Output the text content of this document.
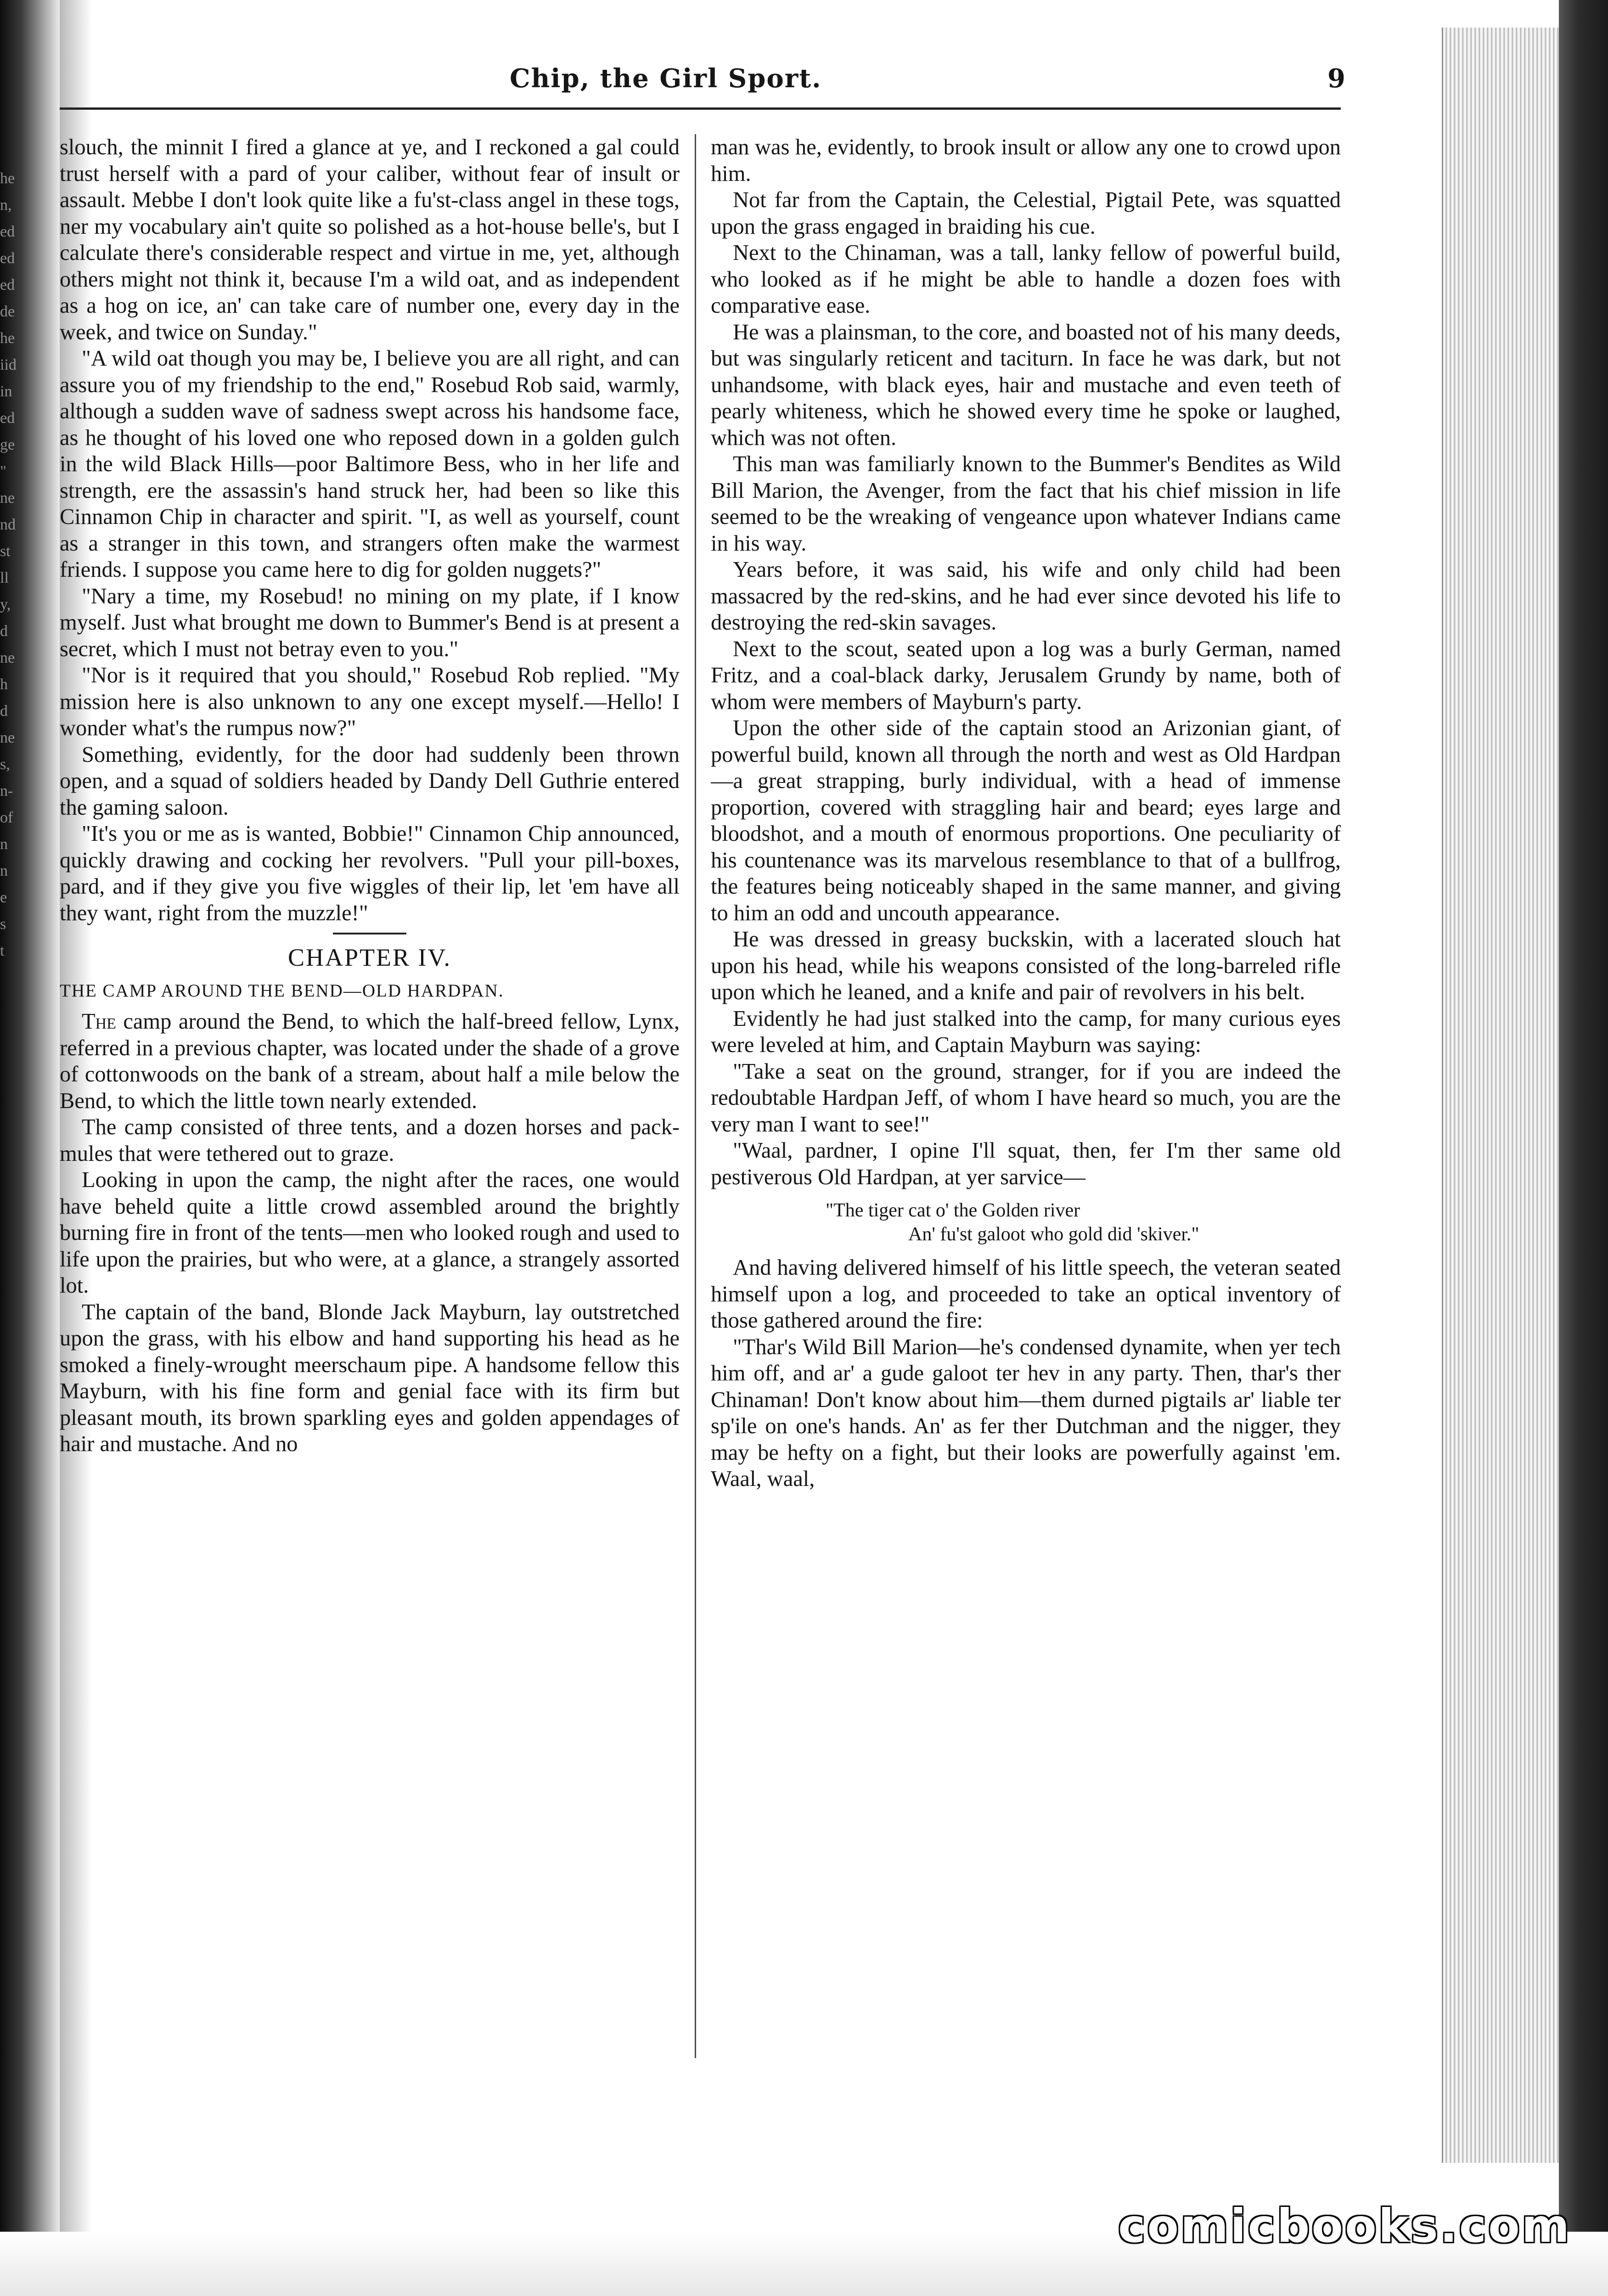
he
n,
ed
ed
ed
de
he
iid
in
ed
ge
"
ne
nd
st
ll
y,
d
ne
h
d
ne
s,
n-
of
n
n
e
s
t
Chip, the Girl Sport.	9

slouch, the minnit I fired a glance at ye, and I reckoned a gal could trust herself with a pard of your caliber, without fear of insult or assault. Mebbe I don't look quite like a fu'st-class angel in these togs, ner my vocabulary ain't quite so polished as a hot-house belle's, but I calculate there's considerable respect and virtue in me, yet, although others might not think it, because I'm a wild oat, and as independent as a hog on ice, an' can take care of number one, every day in the week, and twice on Sunday."

"A wild oat though you may be, I believe you are all right, and can assure you of my friendship to the end," Rosebud Rob said, warmly, although a sudden wave of sadness swept across his handsome face, as he thought of his loved one who reposed down in a golden gulch in the wild Black Hills—poor Baltimore Bess, who in her life and strength, ere the assassin's hand struck her, had been so like this Cinnamon Chip in character and spirit. "I, as well as yourself, count as a stranger in this town, and strangers often make the warmest friends. I suppose you came here to dig for golden nuggets?"

"Nary a time, my Rosebud! no mining on my plate, if I know myself. Just what brought me down to Bummer's Bend is at present a secret, which I must not betray even to you."

"Nor is it required that you should," Rosebud Rob replied. "My mission here is also unknown to any one except myself.—Hello! I wonder what's the rumpus now?"

Something, evidently, for the door had suddenly been thrown open, and a squad of soldiers headed by Dandy Dell Guthrie entered the gaming saloon.

"It's you or me as is wanted, Bobbie!" Cinnamon Chip announced, quickly drawing and cocking her revolvers. "Pull your pill-boxes, pard, and if they give you five wiggles of their lip, let 'em have all they want, right from the muzzle!"

CHAPTER IV.
THE CAMP AROUND THE BEND—OLD HARDPAN.

The camp around the Bend, to which the half-breed fellow, Lynx, referred in a previous chapter, was located under the shade of a grove of cottonwoods on the bank of a stream, about half a mile below the Bend, to which the little town nearly extended.

The camp consisted of three tents, and a dozen horses and pack-mules that were tethered out to graze.

Looking in upon the camp, the night after the races, one would have beheld quite a little crowd assembled around the brightly burning fire in front of the tents—men who looked rough and used to life upon the prairies, but who were, at a glance, a strangely assorted lot.

The captain of the band, Blonde Jack Mayburn, lay outstretched upon the grass, with his elbow and hand supporting his head as he smoked a finely-wrought meerschaum pipe. A handsome fellow this Mayburn, with his fine form and genial face with its firm but pleasant mouth, its brown sparkling eyes and golden appendages of hair and mustache. And no

man was he, evidently, to brook insult or allow any one to crowd upon him.

Not far from the Captain, the Celestial, Pigtail Pete, was squatted upon the grass engaged in braiding his cue.

Next to the Chinaman, was a tall, lanky fellow of powerful build, who looked as if he might be able to handle a dozen foes with comparative ease.

He was a plainsman, to the core, and boasted not of his many deeds, but was singularly reticent and taciturn. In face he was dark, but not unhandsome, with black eyes, hair and mustache and even teeth of pearly whiteness, which he showed every time he spoke or laughed, which was not often.

This man was familiarly known to the Bummer's Bendites as Wild Bill Marion, the Avenger, from the fact that his chief mission in life seemed to be the wreaking of vengeance upon whatever Indians came in his way.

Years before, it was said, his wife and only child had been massacred by the red-skins, and he had ever since devoted his life to destroying the red-skin savages.

Next to the scout, seated upon a log was a burly German, named Fritz, and a coal-black darky, Jerusalem Grundy by name, both of whom were members of Mayburn's party.

Upon the other side of the captain stood an Arizonian giant, of powerful build, known all through the north and west as Old Hardpan—a great strapping, burly individual, with a head of immense proportion, covered with straggling hair and beard; eyes large and bloodshot, and a mouth of enormous proportions. One peculiarity of his countenance was its marvelous resemblance to that of a bullfrog, the features being noticeably shaped in the same manner, and giving to him an odd and uncouth appearance.

He was dressed in greasy buckskin, with a lacerated slouch hat upon his head, while his weapons consisted of the long-barreled rifle upon which he leaned, and a knife and pair of revolvers in his belt.

Evidently he had just stalked into the camp, for many curious eyes were leveled at him, and Captain Mayburn was saying:

"Take a seat on the ground, stranger, for if you are indeed the redoubtable Hardpan Jeff, of whom I have heard so much, you are the very man I want to see!"

"Waal, pardner, I opine I'll squat, then, fer I'm ther same old pestiverous Old Hardpan, at yer sarvice—

"The tiger cat o' the Golden river
An' fu'st galoot who gold did 'skiver."

And having delivered himself of his little speech, the veteran seated himself upon a log, and proceeded to take an optical inventory of those gathered around the fire:

"Thar's Wild Bill Marion—he's condensed dynamite, when yer tech him off, and ar' a gude galoot ter hev in any party. Then, thar's ther Chinaman! Don't know about him—them durned pigtails ar' liable ter sp'ile on one's hands. An' as fer ther Dutchman and the nigger, they may be hefty on a fight, but their looks are powerfully against 'em. Waal, waal,

comicbooks.com
